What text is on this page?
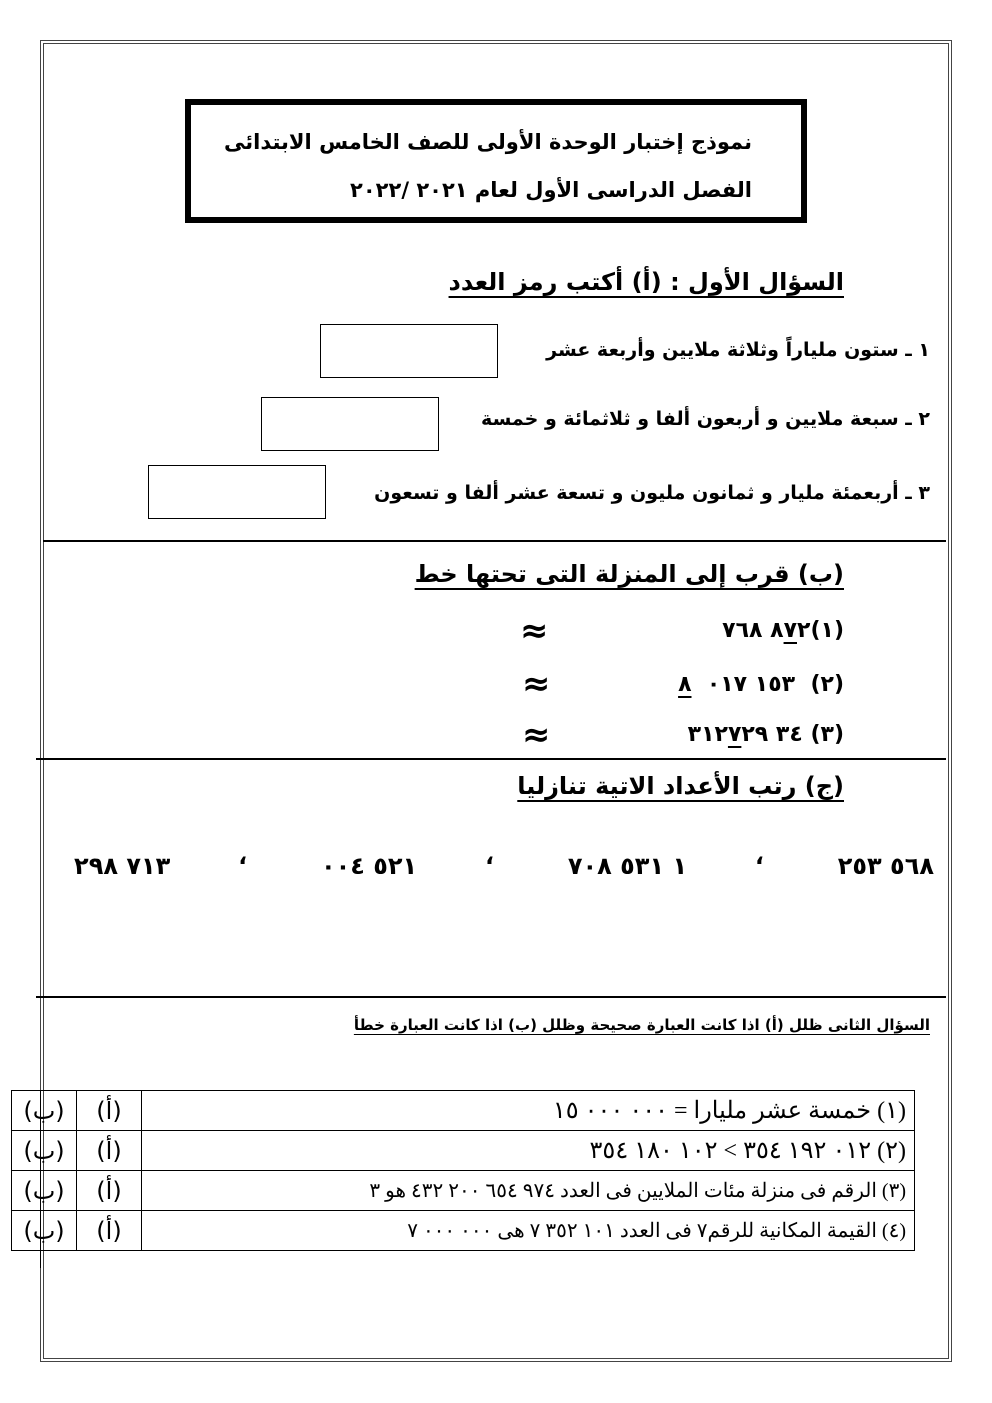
نموذج إختبار الوحدة الأولى للصف الخامس الابتدائى
الفصل الدراسى الأول لعام ٢٠٢١ /٢٠٢٢
السؤال الأول : (أ) أكتب رمز العدد
١ ـ ستون ملياراً وثلاثة ملايين وأربعة عشر
٢ ـ سبعة ملايين و أربعون ألفا و ثلاثمائة و خمسة
٣ ـ أربعمئة مليار و ثمانون مليون و تسعة عشر ألفا و تسعون
(ب) قرب إلى المنزلة التى تحتها خط
(١)٨٧٢ ٧٦٨
≈
(٢)  ١٥٣ ٠١٧  ٨
≈
(٣) ٣٤ ٣١٢٧٢٩
≈
(ج) رتب الأعداد الاتية تنازليا
٥٦٨ ٢٥٣
‘
١ ٥٣١ ٧٠٨
‘
٥٢١ ٠٠٤
‘
٧١٣ ٢٩٨
السؤال الثانى ظلل (أ) اذا كانت العبارة صحيحة وظلل (ب) اذا كانت العبارة خطأ
(ب)	(أ)	(١) خمسة عشر مليارا = ٠٠٠ ٠٠٠ ١٥
(ب)	(أ)	(٢) ٠١٢ ١٩٢ ٣٥٤ > ١٠٢ ١٨٠ ٣٥٤
(ب)	(أ)	(٣) الرقم فى منزلة مئات الملايين فى العدد ٩٧٤ ٦٥٤ ٢٠٠ ٤٣٢ هو ٣
(ب)	(أ)	(٤) القيمة المكانية للرقم٧ فى العدد ١٠١ ٣٥٢ ٧ هى ٠٠٠ ٠٠٠ ٧
